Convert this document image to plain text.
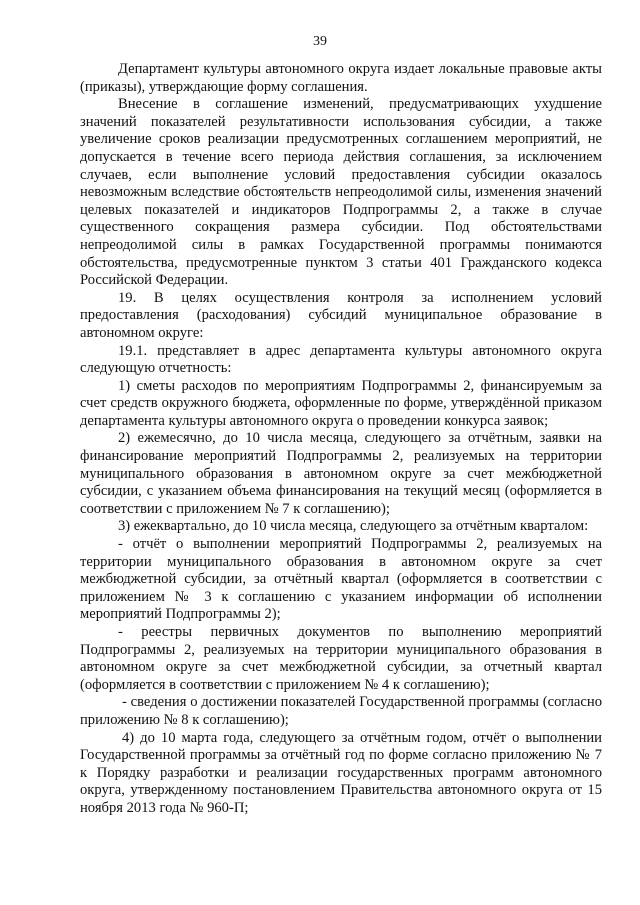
39

Департамент культуры автономного округа издает локальные правовые акты (приказы), утверждающие форму соглашения.

Внесение в соглашение изменений, предусматривающих ухудшение значений показателей результативности использования субсидии, а также увеличение сроков реализации предусмотренных соглашением мероприятий, не допускается в течение всего периода действия соглашения, за исключением случаев, если выполнение условий предоставления субсидии оказалось невозможным вследствие обстоятельств непреодолимой силы, изменения значений целевых показателей и индикаторов Подпрограммы 2, а также в случае существенного сокращения размера субсидии. Под обстоятельствами непреодолимой силы в рамках Государственной программы понимаются обстоятельства, предусмотренные пунктом 3 статьи 401 Гражданского кодекса Российской Федерации.

19. В целях осуществления контроля за исполнением условий предоставления (расходования) субсидий муниципальное образование в автономном округе:

19.1. представляет в адрес департамента культуры автономного округа следующую отчетность:

1) сметы расходов по мероприятиям Подпрограммы 2, финансируемым за счет средств окружного бюджета, оформленные по форме, утверждённой приказом департамента культуры автономного округа о проведении конкурса заявок;

2) ежемесячно, до 10 числа месяца, следующего за отчётным, заявки на финансирование мероприятий Подпрограммы 2, реализуемых на территории муниципального образования в автономном округе за счет межбюджетной субсидии, с указанием объема финансирования на текущий месяц (оформляется в соответствии с приложением № 7 к соглашению);

3) ежеквартально, до 10 числа месяца, следующего за отчётным кварталом:

- отчёт о выполнении мероприятий Подпрограммы 2, реализуемых на территории муниципального образования в автономном округе за счет межбюджетной субсидии, за отчётный квартал (оформляется в соответствии с приложением № 3 к соглашению с указанием информации об исполнении мероприятий Подпрограммы 2);

- реестры первичных документов по выполнению мероприятий Подпрограммы 2, реализуемых на территории муниципального образования в автономном округе за счет межбюджетной субсидии, за отчетный квартал (оформляется в соответствии с приложением № 4 к соглашению);

- сведения о достижении показателей Государственной программы (согласно приложению № 8 к соглашению);

4) до 10 марта года, следующего за отчётным годом, отчёт о выполнении Государственной программы за отчётный год по форме согласно приложению № 7 к Порядку разработки и реализации государственных программ автономного округа, утвержденному постановлением Правительства автономного округа от 15 ноября 2013 года № 960-П;
